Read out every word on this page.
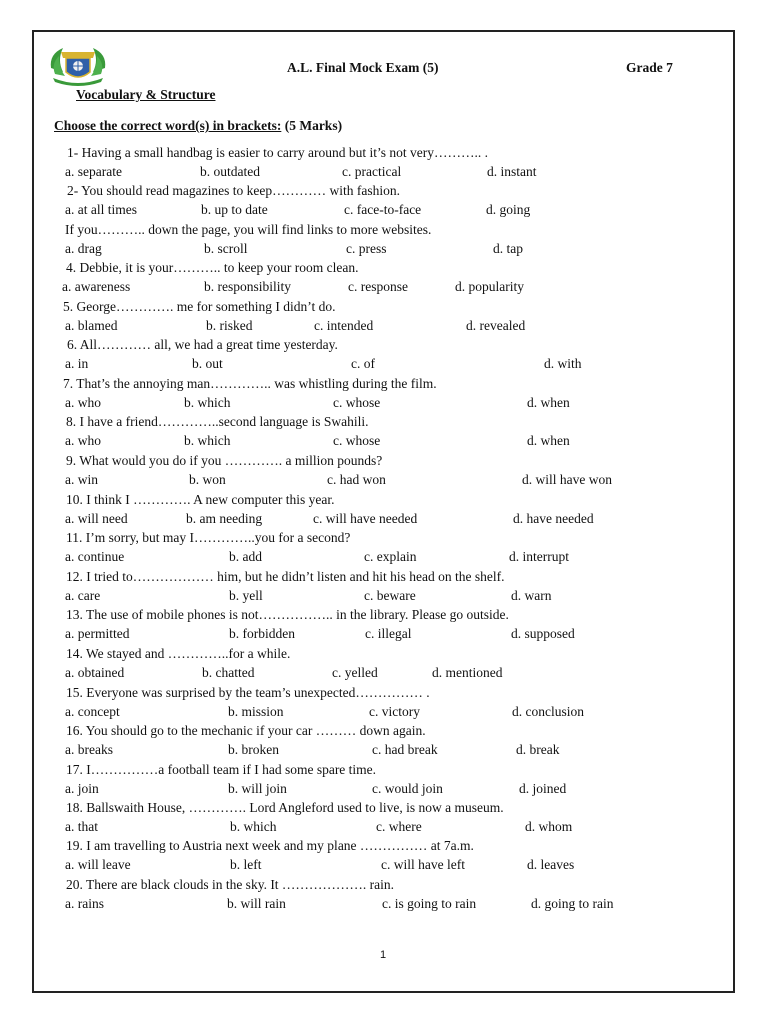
A.L. Final Mock Exam (5)	Grade 7
Vocabulary & Structure
Choose the correct word(s) in brackets: (5 Marks)
1- Having a small handbag is easier to carry around but it’s not very……….. .
a. separate	b. outdated	c. practical	d. instant
2- You should read magazines to keep………… with fashion.
a. at all times	b. up to date	c. face-to-face	d. going
If you……….. down the page, you will find links to more websites.
a. drag	b. scroll	c. press	d. tap
4. Debbie, it is your……….. to keep your room clean.
a. awareness	b. responsibility	c. response	d. popularity
5. George…………. me for something I didn’t do.
a. blamed	b. risked	c. intended	d. revealed
6. All………… all, we had a great time yesterday.
a. in	b. out	c. of	d. with
7. That’s the annoying man………….. was whistling during the film.
a. who	b. which	c. whose	d. when
8. I have a friend…………..second language is Swahili.
a. who	b. which	c. whose	d. when
9. What would you do if you …………. a million pounds?
a. win	b. won	c. had won	d. will have won
10. I think I …………. A new computer this year.
a. will need	b. am needing	c. will have needed	d. have needed
11. I’m sorry, but may I…………..you for a second?
a. continue	b. add	c. explain	d. interrupt
12. I tried to……………… him, but he didn’t listen and hit his head on the shelf.
a. care	b. yell	c. beware	d. warn
13. The use of mobile phones is not…………….. in the library. Please go outside.
a. permitted	b. forbidden	c. illegal	d. supposed
14. We stayed and …………..for a while.
a. obtained	b. chatted	c. yelled	d. mentioned
15. Everyone was surprised by the team’s unexpected…………… .
a. concept	b. mission	c. victory	d. conclusion
16. You should go to the mechanic if your car ……… down again.
a. breaks	b. broken	c. had break	d. break
17. I……………a football team if I had some spare time.
a. join	b. will join	c. would join	d. joined
18. Ballswaith House, …………. Lord Angleford used to live, is now a museum.
a. that	b. which	c. where	d. whom
19. I am travelling to Austria next week and my plane …………… at 7a.m.
a. will leave	b. left	c. will have left	d. leaves
20. There are black clouds in the sky. It ………………. rain.
a. rains	b. will rain	c. is going to rain	d. going to rain
1
